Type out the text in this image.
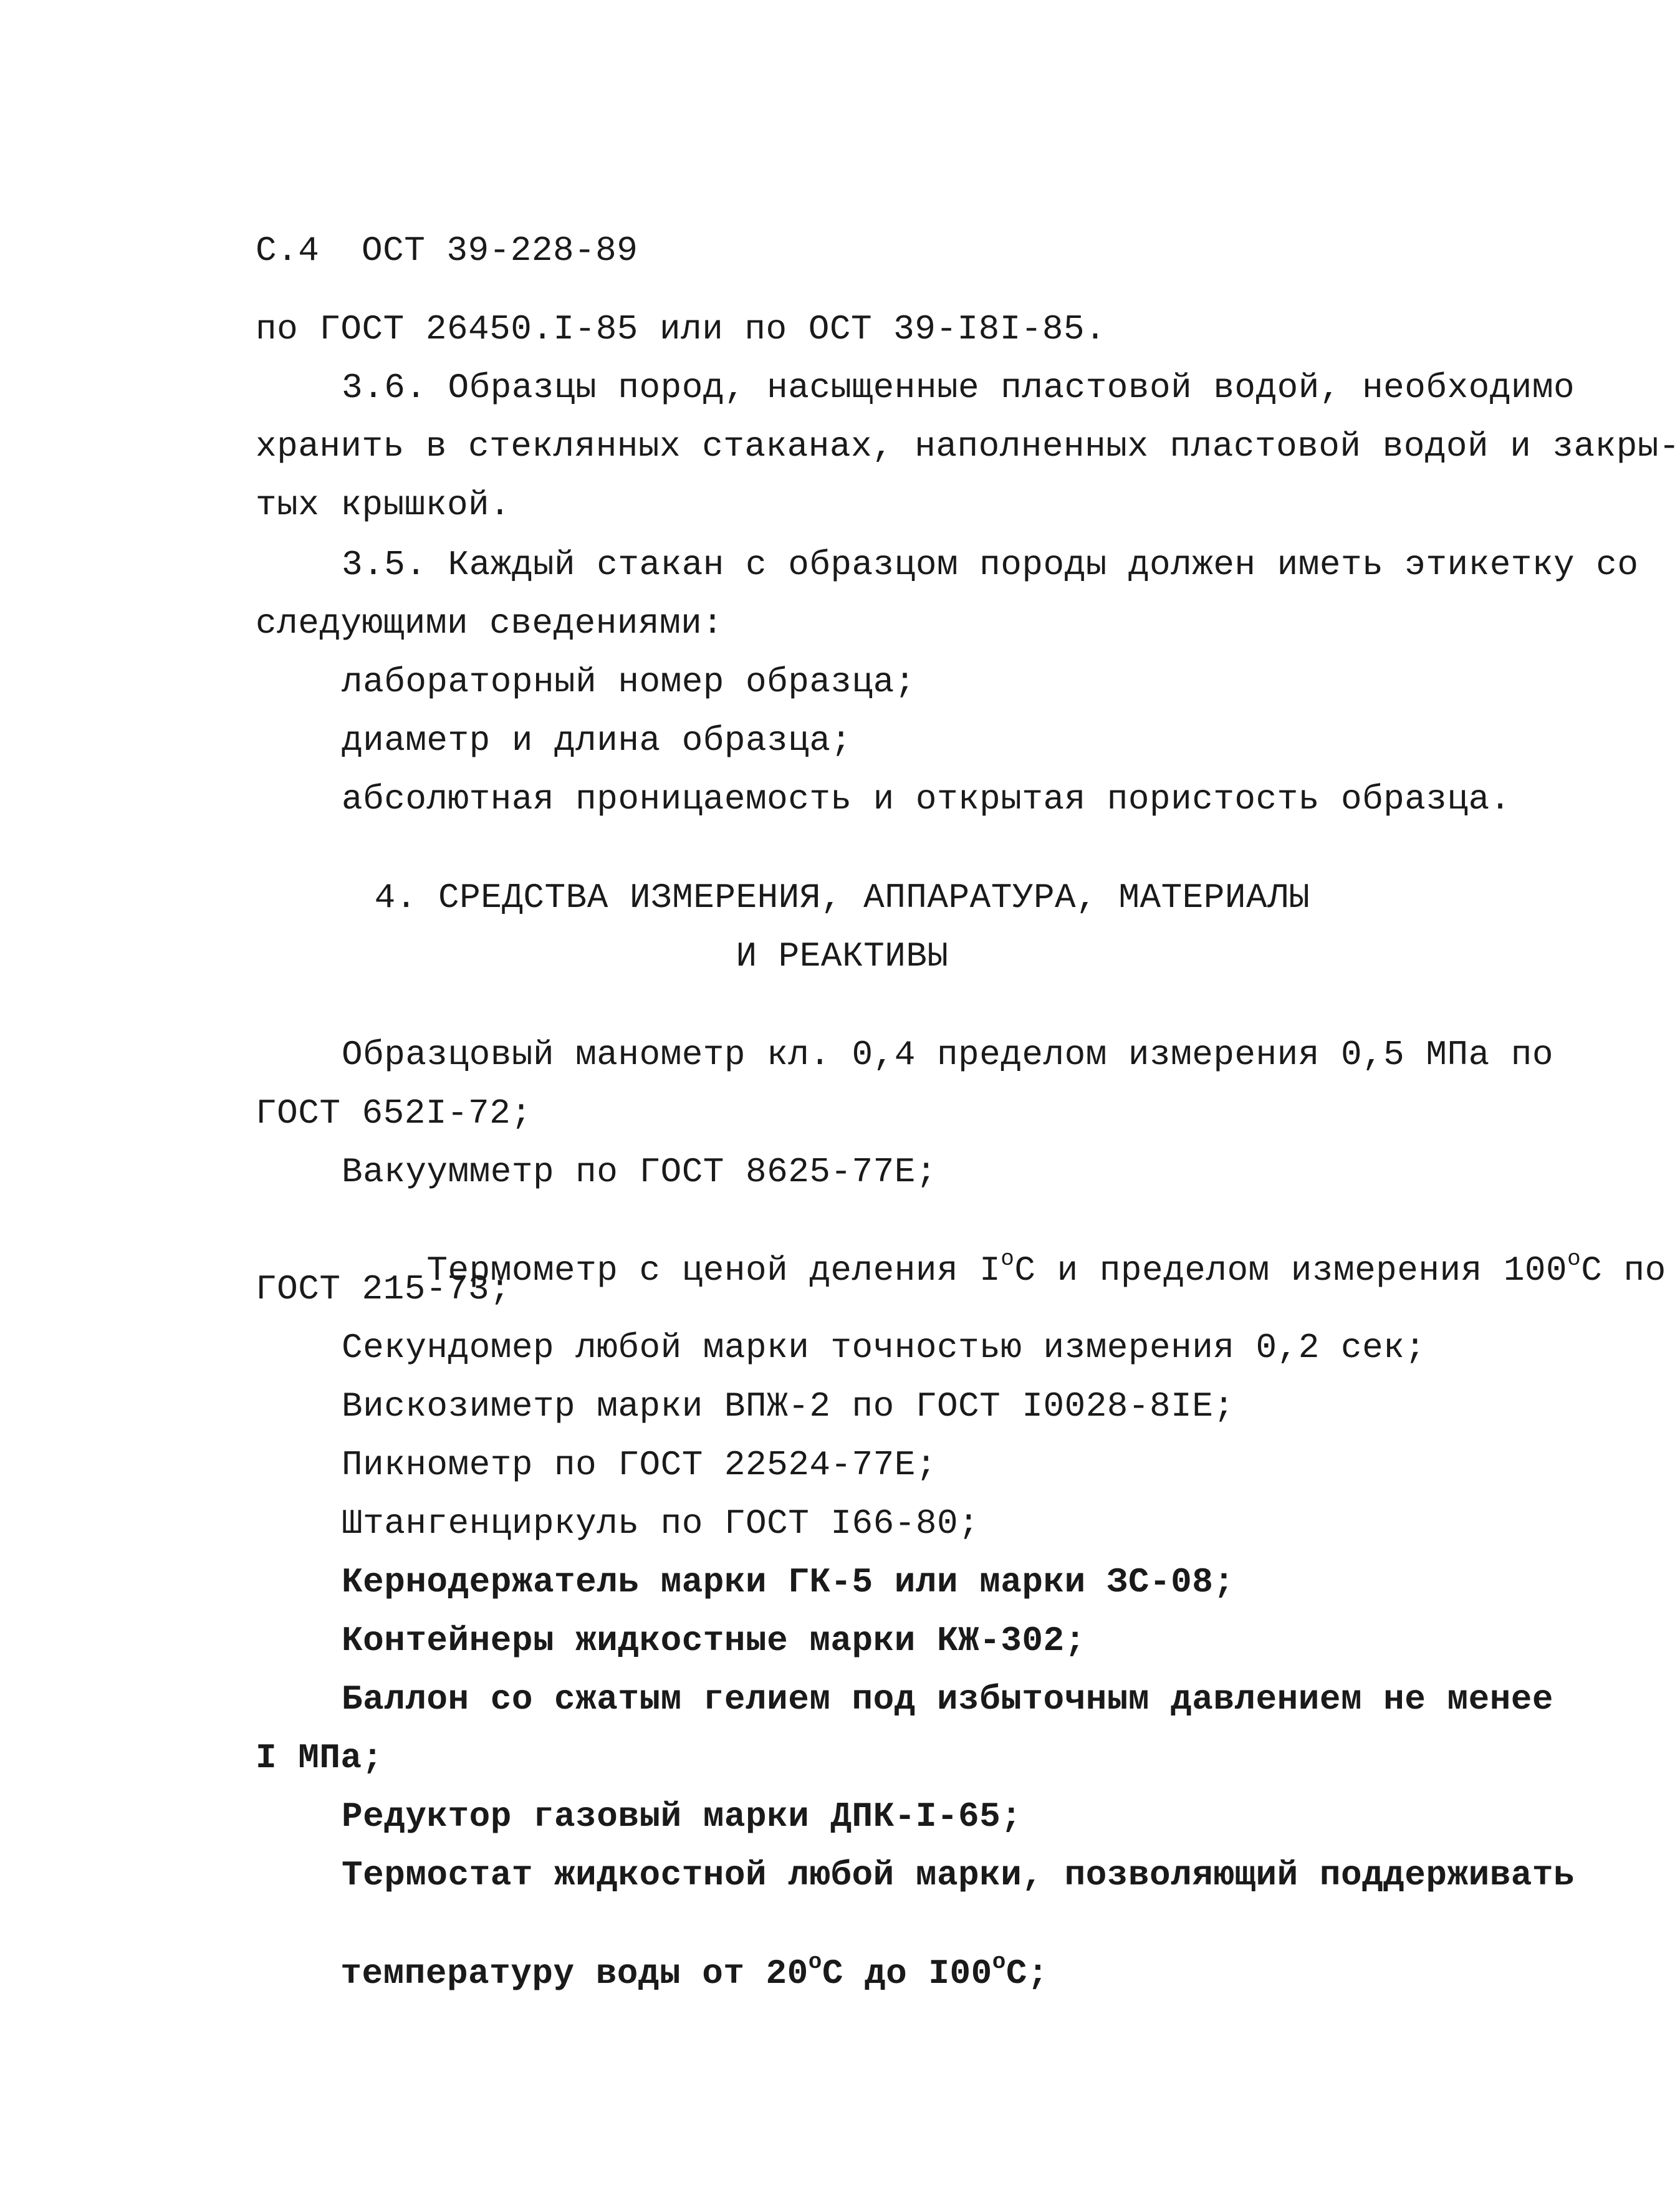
С.4 ОСТ 39-228-89
по ГОСТ 26450.I-85 или по ОСТ 39-I8I-85.
3.6. Образцы пород, насыщенные пластовой водой, необходимо
хранить в стеклянных стаканах, наполненных пластовой водой и закры-
тых крышкой.
3.5. Каждый стакан с образцом породы должен иметь этикетку со
следующими сведениями:
лабораторный номер образца;
диаметр и длина образца;
абсолютная проницаемость и открытая пористость образца.
4. СРЕДСТВА ИЗМЕРЕНИЯ, АППАРАТУРА, МАТЕРИАЛЫ
И РЕАКТИВЫ
Образцовый манометр кл. 0,4 пределом измерения 0,5 МПа по
ГОСТ 652I-72;
Вакуумметр по ГОСТ 8625-77Е;

Термометр с ценой деления $I^oC$ и пределом измерения 100$^o$C по

ГОСТ 215-73;
Секундомер любой марки точностью измерения 0,2 сек;
Вискозиметр марки ВПЖ-2 по ГОСТ I0028-8IЕ;
Пикнометр по ГОСТ 22524-77Е;
Штангенциркуль по ГОСТ I66-80;
Кернодержатель марки ГК-5 или марки ЗС-08;
Контейнеры жидкостные марки КЖ-302;
Баллон со сжатым гелием под избыточным давлением не менее
I МПа;
Редуктор газовый марки ДПК-I-65;
Термостат жидкостной любой марки, позволяющий поддерживать

температуру воды от 20$^o$C до I00$^o$C;
